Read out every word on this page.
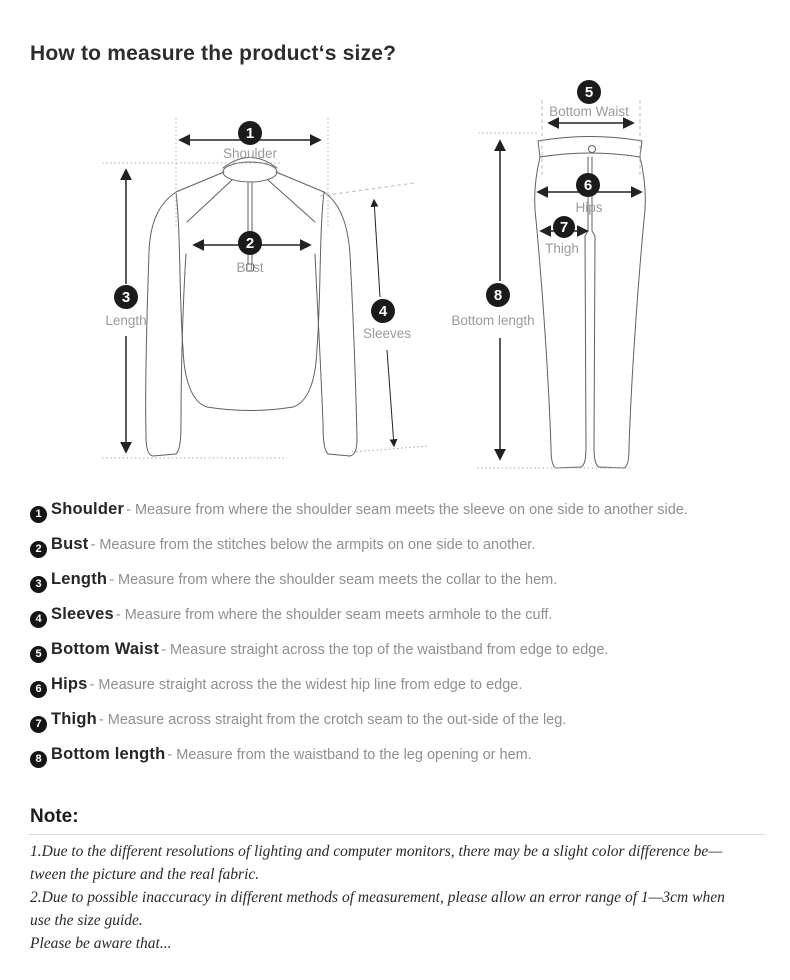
How to measure the product‘s size?
1
Shoulder
2
Bust
3
Length
4
Sleeves
5
Bottom Waist
6
Hips
7
Thigh
8
Bottom length
1 Shoulder - Measure from where the shoulder seam meets the sleeve on one side to another side.
2 Bust - Measure from the stitches below the armpits on one side to another.
3 Length - Measure from where the shoulder seam meets the collar to the hem.
4 Sleeves - Measure from where the shoulder seam meets armhole to the cuff.
5 Bottom Waist - Measure straight across the top of the waistband from edge to edge.
6 Hips - Measure straight across the the widest hip line from edge to edge.
7 Thigh - Measure across straight from the crotch seam to the out-side of the leg.
8 Bottom length - Measure from the waistband to the leg opening or hem.

Note:

1.Due to the different resolutions of lighting and computer monitors, there may be a slight color difference be—
tween the picture and the real fabric.
2.Due to possible inaccuracy in different methods of measurement, please allow an error range of 1—3cm when
use the size guide.
Please be aware that...
